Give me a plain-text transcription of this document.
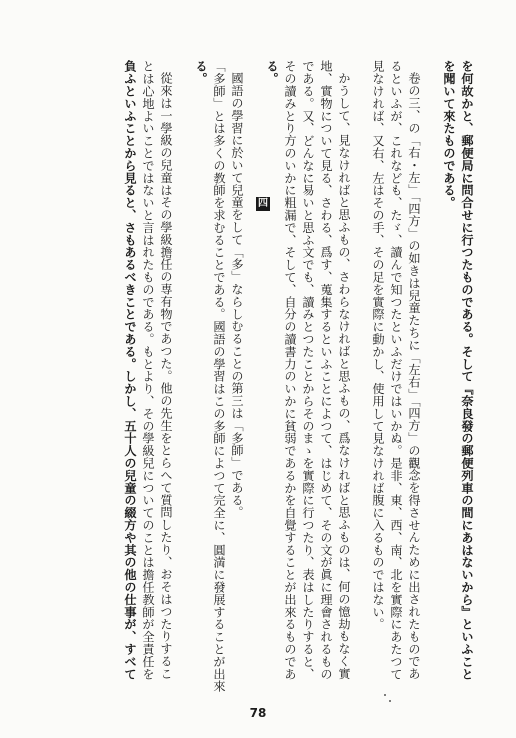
を何故かと、郵便局に問合せに行つたものである。そして『奈良發の郵便列車の間にあはないから』といふこと
を聞いて來たものである。
卷の三、の「右・左」「四方」の如きは兒童たちに「左右」「四方」の觀念を得させんために出されたものであ
るといふが、これなども、たゞ、讀んで知つたといふだけではいかぬ。是非、東、西、南、北を實際にあたつて
見なければ、又右、左はその手、その足を實際に動かし、使用して見なければ腹に入るものではない。
かうして、見なければと思ふもの、さわらなければと思ふもの、爲なければと思ふものは、何の憶劫もなく實
地、實物について見る、さわる、爲す、蒐集するといふことによつて、はじめて、その文が眞に理會されるもの
である。又、どんなに易いと思ふ文でも、讀みとつたことからそのまゝを實際に行つたり、表はしたりすると、
その讀みとり方のいかに粗漏で、そして、自分の讀書力のいかに貧弱であるかを自覺することが出來るものであ
る。
國語の學習に於いて兒童をして「多」ならしむることの第三は「多師」である。
「多師」とは多くの教師を求むることである。國語の學習はこの多師によつて完全に、圓満に發展することが出來
る。
從來は一學級の兒童はその學級擔任の専有物であつた。他の先生をとらへて質問したり、おそはつたりするこ
とは心地よいことではないと言はれたものである。もとより、その學級兒についてのことは擔任教師が全責任を
負ふといふことから見ると、さもあるべきことである。しかし、五十人の兒童の綴方や其の他の仕事が、すべて	四
78
